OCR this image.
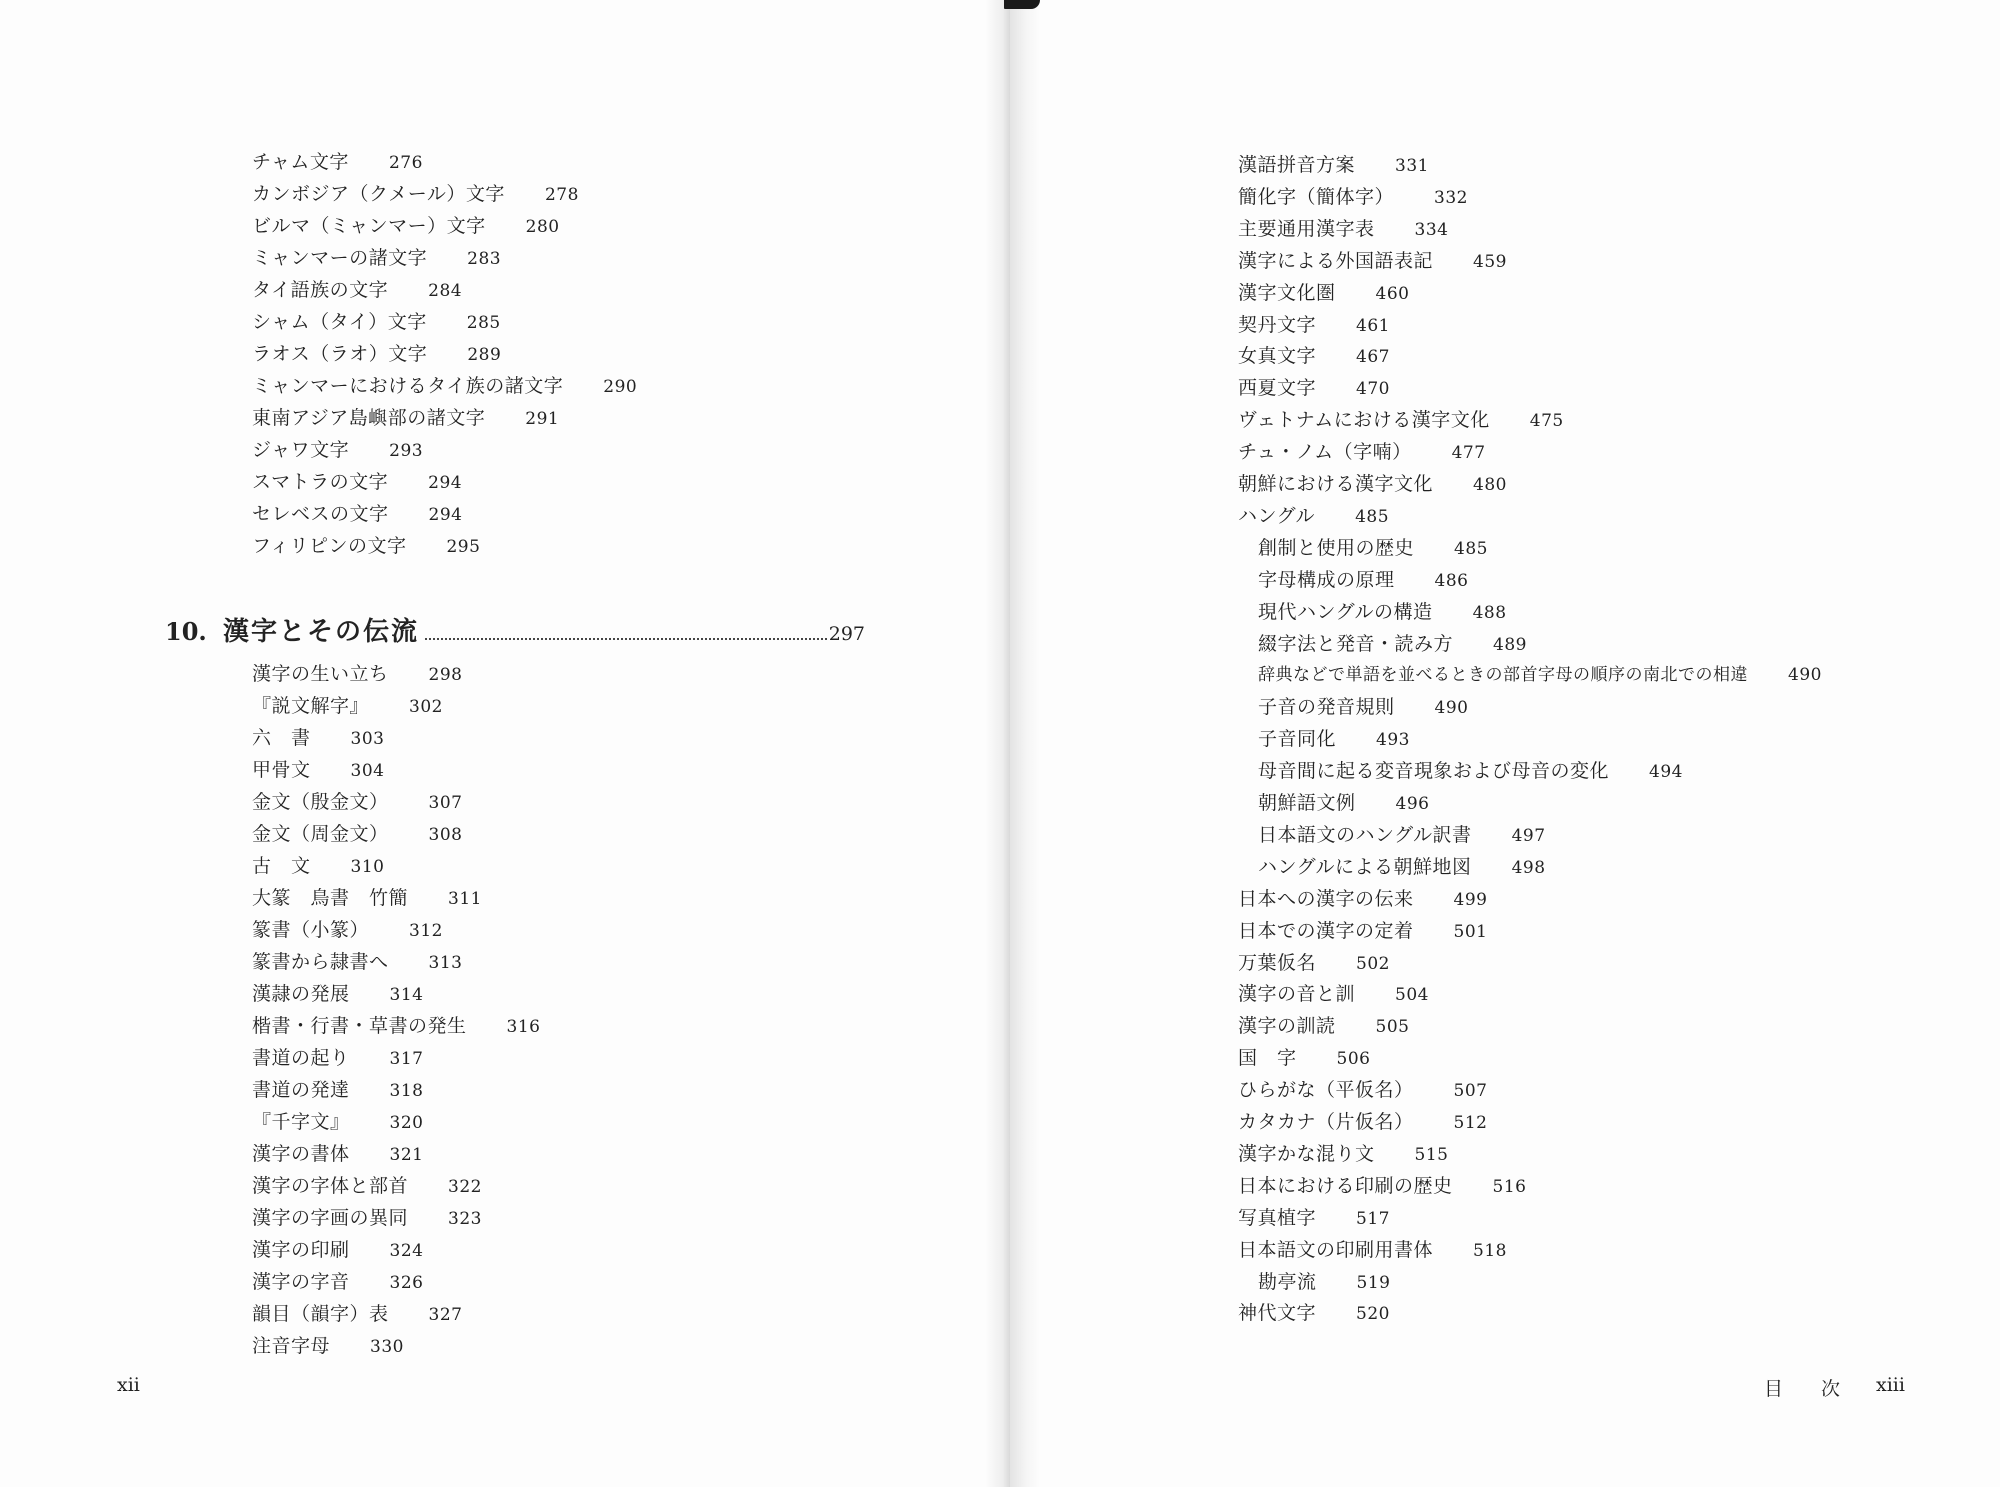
チャム文字 276
カンボジア（クメール）文字 278
ビルマ（ミャンマー）文字 280
ミャンマーの諸文字 283
タイ語族の文字 284
シャム（タイ）文字 285
ラオス（ラオ）文字 289
ミャンマーにおけるタイ族の諸文字 290
東南アジア島嶼部の諸文字 291
ジャワ文字 293
スマトラの文字 294
セレベスの文字 294
フィリピンの文字 295
10. 漢字とその伝流	297
漢字の生い立ち 298
『説文解字』 302
六　書 303
甲骨文 304
金文（殷金文） 307
金文（周金文） 308
古　文 310
大篆　鳥書　竹簡 311
篆書（小篆） 312
篆書から隷書へ 313
漢隷の発展 314
楷書・行書・草書の発生 316
書道の起り 317
書道の発達 318
『千字文』 320
漢字の書体 321
漢字の字体と部首 322
漢字の字画の異同 323
漢字の印刷 324
漢字の字音 326
韻目（韻字）表 327
注音字母 330
xii
漢語拼音方案 331
簡化字（簡体字） 332
主要通用漢字表 334
漢字による外国語表記 459
漢字文化圏 460
契丹文字 461
女真文字 467
西夏文字 470
ヴェトナムにおける漢字文化 475
チュ・ノム（字喃） 477
朝鮮における漢字文化 480
ハングル 485
創制と使用の歴史 485
字母構成の原理 486
現代ハングルの構造 488
綴字法と発音・読み方 489
辞典などで単語を並べるときの部首字母の順序の南北での相違 490
子音の発音規則 490
子音同化 493
母音間に起る変音現象および母音の変化 494
朝鮮語文例 496
日本語文のハングル訳書 497
ハングルによる朝鮮地図 498
日本への漢字の伝来 499
日本での漢字の定着 501
万葉仮名 502
漢字の音と訓 504
漢字の訓読 505
国　字 506
ひらがな（平仮名） 507
カタカナ（片仮名） 512
漢字かな混り文 515
日本における印刷の歴史 516
写真植字 517
日本語文の印刷用書体 518
勘亭流 519
神代文字 520
目　　次 xiii
